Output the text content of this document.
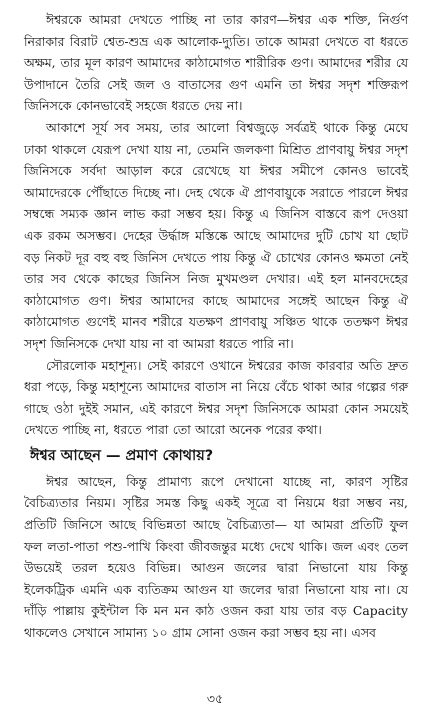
ঈশ্বরকে আমরা দেখতে পাচ্ছি না তার কারণ—ঈশ্বর এক শক্তি, নির্গুণ নিরাকার বিরাট শ্বেত-শুভ্র এক আলোক-দ্যুতি। তাকে আমরা দেখতে বা ধরতে অক্ষম, তার মূল কারণ আমাদের কাঠামোগত শারীরিক গুণ। আমাদের শরীর যে উপাদানে তৈরি সেই জল ও বাতাসের গুণ এমনি তা ঈশ্বর সদৃশ শক্তিরূপ জিনিসকে কোনভাবেই সহজে ধরতে দেয় না।

আকাশে সূর্য সব সময়, তার আলো বিশ্বজুড়ে সর্বত্রই থাকে কিন্তু মেঘে ঢাকা থাকলে যেরূপ দেখা যায় না, তেমনি জলকণা মিশ্রিত প্রাণবায়ু ঈশ্বর সদৃশ জিনিসকে সর্বদা আড়াল করে রেখেছে যা ঈশ্বর সমীপে কোনও ভাবেই আমাদেরকে পৌঁছাতে দিচ্ছে না। দেহ থেকে ঐ প্রাণবায়ুকে সরাতে পারলে ঈশ্বর সম্বন্ধে সম্যক জ্ঞান লাভ করা সম্ভব হয়। কিন্তু এ জিনিস বাস্তবে রূপ দেওয়া এক রকম অসম্ভব। দেহের উর্দ্ধাঙ্গ মস্তিষ্কে আছে আমাদের দুটি চোখ যা ছোট বড় নিকট দূর বহু বহু জিনিস দেখতে পায় কিন্তু ঐ চোখের কোনও ক্ষমতা নেই তার সব থেকে কাছের জিনিস নিজ মুখমণ্ডল দেখার। এই হল মানবদেহের কাঠামোগত গুণ। ঈশ্বর আমাদের কাছে আমাদের সঙ্গেই আছেন কিন্তু ঐ কাঠামোগত গুণেই মানব শরীরে যতক্ষণ প্রাণবায়ু সঞ্চিত থাকে ততক্ষণ ঈশ্বর সদৃশ জিনিসকে দেখা যায় না বা আমরা ধরতে পারি না।

সৌরলোক মহাশূন্য। সেই কারণে ওখানে ঈশ্বরের কাজ কারবার অতি দ্রুত ধরা পড়ে, কিন্তু মহাশূন্যে আমাদের বাতাস না নিয়ে বেঁচে থাকা আর গল্পের গরু গাছে ওঠা দুইই সমান, এই কারণে ঈশ্বর সদৃশ জিনিসকে আমরা কোন সময়েই দেখতে পাচ্ছি না, ধরতে পারা তো আরো অনেক পরের কথা।

ঈশ্বর আছেন — প্রমাণ কোথায়?

ঈশ্বর আছেন, কিন্তু প্রামাণ্য রূপে দেখানো যাচ্ছে না, কারণ সৃষ্টির বৈচিত্র্যতার নিয়ম। সৃষ্টির সমস্ত কিছু একই সূত্রে বা নিয়মে ধরা সম্ভব নয়, প্রতিটি জিনিসে আছে বিভিন্নতা আছে বৈচিত্র্যতা— যা আমরা প্রতিটি ফুল ফল লতা-পাতা পশু-পাখি কিংবা জীবজন্তুর মধ্যে দেখে থাকি। জল এবং তেল উভয়েই তরল হয়েও বিভিন্ন। আগুন জলের দ্বারা নিভানো যায় কিন্তু ইলেকট্রিক এমনি এক ব্যতিক্রম আগুন যা জলের দ্বারা নিভানো যায় না। যে দাঁড়ি পাল্লায় কুইন্টাল কি মন মন কাঠ ওজন করা যায় তার বড় Capacity থাকলেও সেখানে সামান্য ১০ গ্রাম সোনা ওজন করা সম্ভব হয় না। এসব

৩৫
